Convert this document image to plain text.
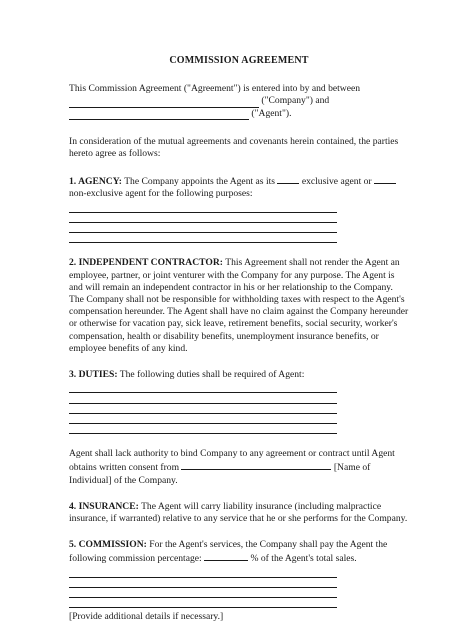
COMMISSION AGREEMENT

This Commission Agreement ("Agreement") is entered into by and between

("Company") and

("Agent").

In consideration of the mutual agreements and covenants herein contained, the parties hereto agree as follows:

1. AGENCY: The Company appoints the Agent as its	exclusive agent or
non-exclusive agent for the following purposes:

2. INDEPENDENT CONTRACTOR: This Agreement shall not render the Agent an employee, partner, or joint venturer with the Company for any purpose. The Agent is and will remain an independent contractor in his or her relationship to the Company. The Company shall not be responsible for withholding taxes with respect to the Agent's compensation hereunder. The Agent shall have no claim against the Company hereunder or otherwise for vacation pay, sick leave, retirement benefits, social security, worker's compensation, health or disability benefits, unemployment insurance benefits, or employee benefits of any kind.

3. DUTIES: The following duties shall be required of Agent:

Agent shall lack authority to bind Company to any agreement or contract until Agent obtains written consent from	[Name of Individual] of the Company.

4. INSURANCE: The Agent will carry liability insurance (including malpractice insurance, if warranted) relative to any service that he or she performs for the Company.

5. COMMISSION: For the Agent's services, the Company shall pay the Agent the following commission percentage:	% of the Agent's total sales.

[Provide additional details if necessary.]
